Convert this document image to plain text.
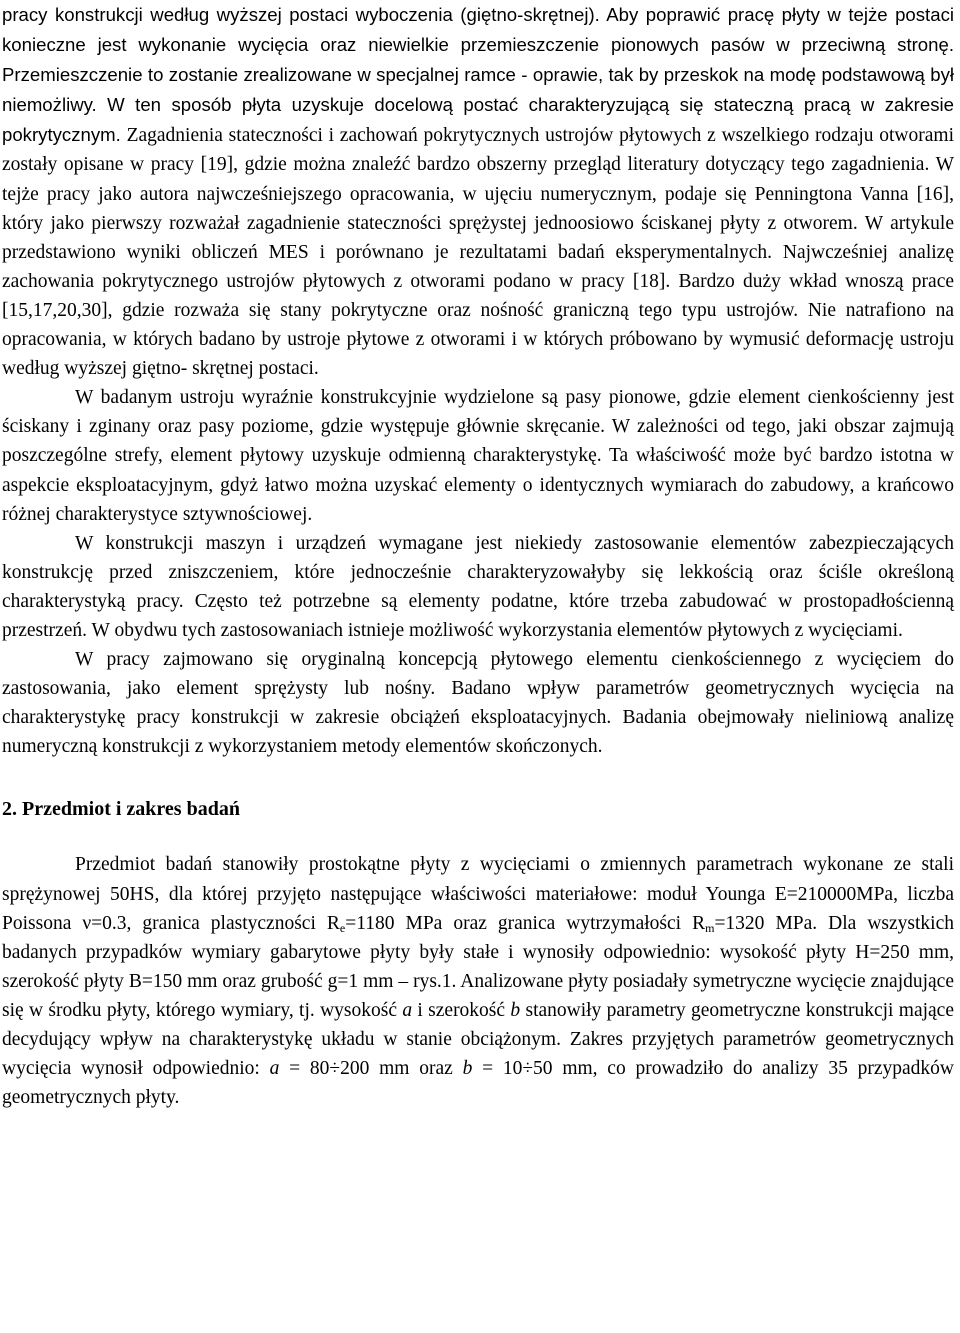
pracy konstrukcji według wyższej postaci wyboczenia (giętno-skrętnej). Aby poprawić pracę płyty w tejże postaci konieczne jest wykonanie wycięcia oraz niewielkie przemieszczenie pionowych pasów w przeciwną stronę. Przemieszczenie to zostanie zrealizowane w specjalnej ramce - oprawie, tak by przeskok na modę podstawową był niemożliwy. W ten sposób płyta uzyskuje docelową postać charakteryzującą się stateczną pracą w zakresie pokrytycznym. Zagadnienia stateczności i zachowań pokrytycznych ustrojów płytowych z wszelkiego rodzaju otworami zostały opisane w pracy [19], gdzie można znaleźć bardzo obszerny przegląd literatury dotyczący tego zagadnienia. W tejże pracy jako autora najwcześniejszego opracowania, w ujęciu numerycznym, podaje się Penningtona Vanna [16], który jako pierwszy rozważał zagadnienie stateczności sprężystej jednoosiowo ściskanej płyty z otworem. W artykule przedstawiono wyniki obliczeń MES i porównano je rezultatami badań eksperymentalnych. Najwcześniej analizę zachowania pokrytycznego ustrojów płytowych z otworami podano w pracy [18]. Bardzo duży wkład wnoszą prace [15,17,20,30], gdzie rozważa się stany pokrytyczne oraz nośność graniczną tego typu ustrojów. Nie natrafiono na opracowania, w których badano by ustroje płytowe z otworami i w których próbowano by wymusić deformację ustroju według wyższej giętno- skrętnej postaci.

W badanym ustroju wyraźnie konstrukcyjnie wydzielone są pasy pionowe, gdzie element cienkościenny jest ściskany i zginany oraz pasy poziome, gdzie występuje głównie skręcanie. W zależności od tego, jaki obszar zajmują poszczególne strefy, element płytowy uzyskuje odmienną charakterystykę. Ta właściwość może być bardzo istotna w aspekcie eksploatacyjnym, gdyż łatwo można uzyskać elementy o identycznych wymiarach do zabudowy, a krańcowo różnej charakterystyce sztywnościowej.

W konstrukcji maszyn i urządzeń wymagane jest niekiedy zastosowanie elementów zabezpieczających konstrukcję przed zniszczeniem, które jednocześnie charakteryzowałyby się lekkością oraz ściśle określoną charakterystyką pracy. Często też potrzebne są elementy podatne, które trzeba zabudować w prostopadłościenną przestrzeń. W obydwu tych zastosowaniach istnieje możliwość wykorzystania elementów płytowych z wycięciami.

W pracy zajmowano się oryginalną koncepcją płytowego elementu cienkościennego z wycięciem do zastosowania, jako element sprężysty lub nośny. Badano wpływ parametrów geometrycznych wycięcia na charakterystykę pracy konstrukcji w zakresie obciążeń eksploatacyjnych. Badania obejmowały nieliniową analizę numeryczną konstrukcji z wykorzystaniem metody elementów skończonych.

2. Przedmiot i zakres badań

Przedmiot badań stanowiły prostokątne płyty z wycięciami o zmiennych parametrach wykonane ze stali sprężynowej 50HS, dla której przyjęto następujące właściwości materiałowe: moduł Younga E=210000MPa, liczba Poissona ν=0.3, granica plastyczności $R_e=1180$ MPa oraz granica wytrzymałości $R_m=1320$ MPa. Dla wszystkich badanych przypadków wymiary gabarytowe płyty były stałe i wynosiły odpowiednio: wysokość płyty H=250 mm, szerokość płyty B=150 mm oraz grubość g=1 mm – rys.1. Analizowane płyty posiadały symetryczne wycięcie znajdujące się w środku płyty, którego wymiary, tj. wysokość a i szerokość b stanowiły parametry geometryczne konstrukcji mające decydujący wpływ na charakterystykę układu w stanie obciążonym. Zakres przyjętych parametrów geometrycznych wycięcia wynosił odpowiednio: a = 80÷200 mm oraz b = 10÷50 mm, co prowadziło do analizy 35 przypadków geometrycznych płyty.
